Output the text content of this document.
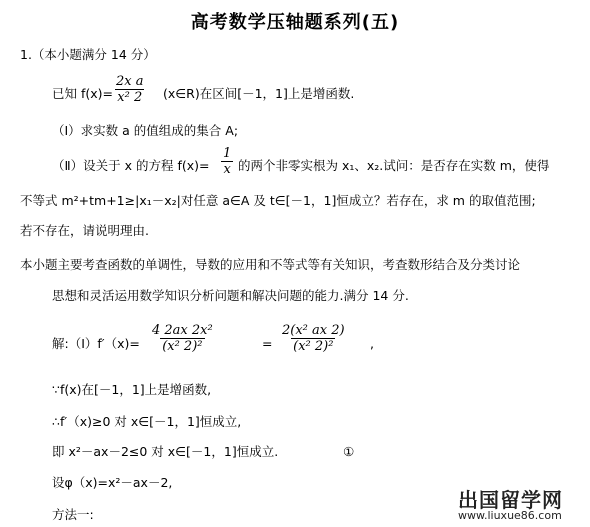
高考数学压轴题系列(五)
1.（本小题满分 14 分）
已知 $f(x)= \frac{\text{2x a}}{\text{x² 2}}$ (x∈R)在区间[－1，1]上是增函数.
（Ⅰ）求实数 a 的值组成的集合 A;
（Ⅱ）设关于 x 的方程 $f(x)= \frac{1}{x}$ 的两个非零实根为 x₁、x₂.试问：是否存在实数 m，使得
不等式 m²+tm+1≥|x₁－x₂|对任意 a∈A 及 t∈[－1，1]恒成立？若存在，求 m 的取值范围;
若不存在，请说明理由.
本小题主要考查函数的单调性，导数的应用和不等式等有关知识，考查数形结合及分类讨论
思想和灵活运用数学知识分析问题和解决问题的能力.满分 14 分.
解:（Ⅰ）f′（x)= $\frac{\text{4 2ax 2x²}}{\text{(x² 2)²}}$	= $\frac{\text{2(x² ax 2)}}{\text{(x² 2)²}}$ ,
∵f(x)在[－1，1]上是增函数,
∴f′（x)≥0 对 x∈[－1，1]恒成立,
即 x²－ax－2≤0 对 x∈[－1，1]恒成立.	①
设φ（x)=x²－ax－2,
方法一:
出国留学网
www.liuxue86.com
